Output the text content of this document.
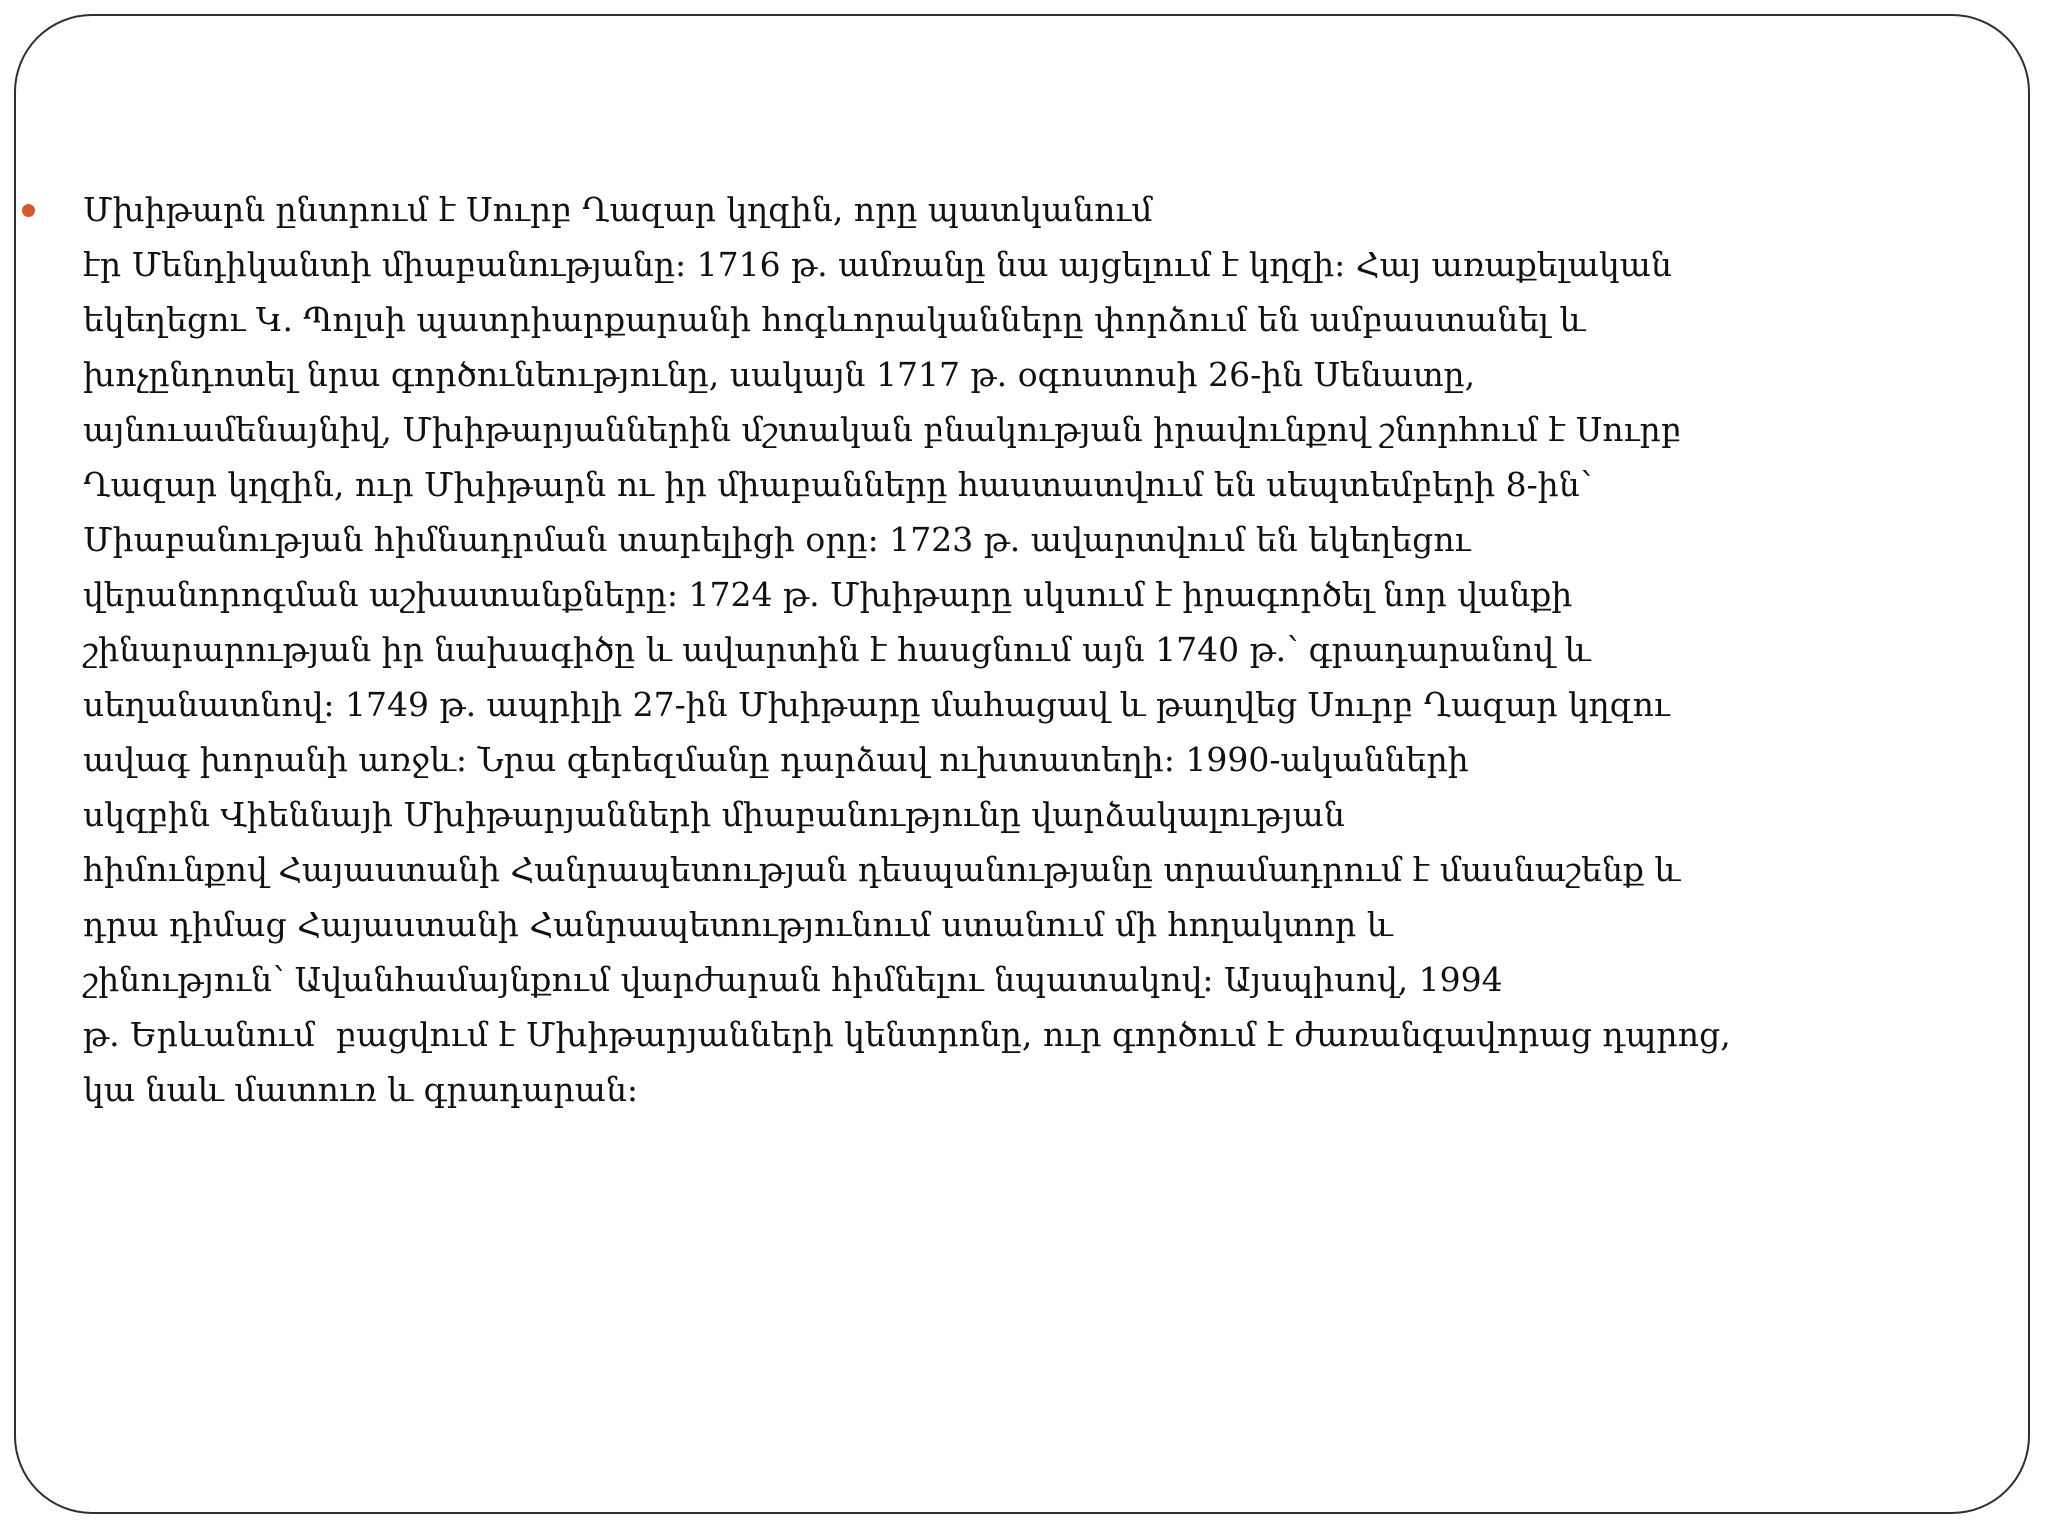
Մխիթարն ընտրում է Սուրբ Ղազար կղզին, որը պատկանում
էր Մենդիկանտի միաբանությանը: 1716 թ. ամռանը նա այցելում է կղզի: Հայ առաքելական
եկեղեցու Կ. Պոլսի պատրիարքարանի հոգևորականները փորձում են ամբաստանել և
խոչընդոտել նրա գործունեությունը, սակայն 1717 թ. օգոստոսի 26-ին Սենատը,
այնուամենայնիվ, Մխիթարյաններին մշտական բնակության իրավունքով շնորհում է Սուրբ
Ղազար կղզին, ուր Մխիթարն ու իր միաբանները հաստատվում են սեպտեմբերի 8-ին՝
Միաբանության հիմնադրման տարելիցի օրը: 1723 թ. ավարտվում են եկեղեցու
վերանորոգման աշխատանքները: 1724 թ. Մխիթարը սկսում է իրագործել նոր վանքի
շինարարության իր նախագիծը և ավարտին է հասցնում այն 1740 թ.՝ գրադարանով և
սեղանատնով: 1749 թ. ապրիլի 27-ին Մխիթարը մահացավ և թաղվեց Սուրբ Ղազար կղզու
ավագ խորանի առջև: Նրա գերեզմանը դարձավ ուխտատեղի: 1990-ականների
սկզբին Վիեննայի Մխիթարյանների միաբանությունը վարձակալության
հիմունքով Հայաստանի Հանրապետության դեսպանությանը տրամադրում է մասնաշենք և
դրա դիմաց Հայաստանի Հանրապետությունում ստանում մի հողակտոր և
շինություն՝ Ավանհամայնքում վարժարան հիմնելու նպատակով: Այսպիսով, 1994
թ. Երևանում  բացվում է Մխիթարյանների կենտրոնը, ուր գործում է ժառանգավորաց դպրոց,
կա նաև մատուռ և գրադարան:
